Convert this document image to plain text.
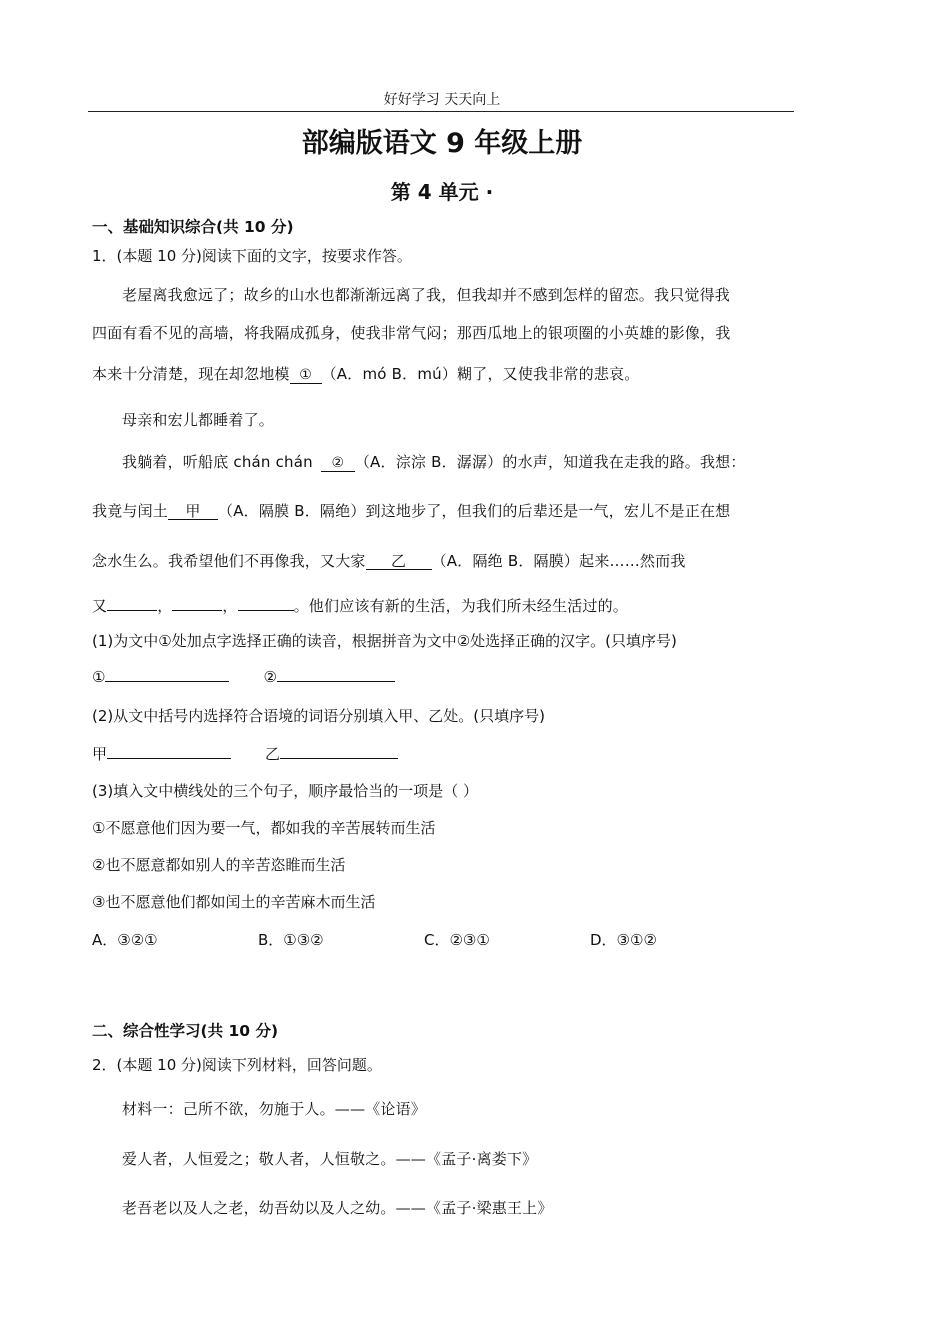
好好学习 天天向上
部编版语文 9 年级上册
第 4 单元 ·
一、基础知识综合(共 10 分)
1．(本题 10 分)阅读下面的文字，按要求作答。
老屋离我愈远了；故乡的山水也都渐渐远离了我，但我却并不感到怎样的留恋。我只觉得我
四面有看不见的高墙，将我隔成孤身，使我非常气闷；那西瓜地上的银项圈的小英雄的影像，我
本来十分清楚，现在却忽地模 ① （A．mó B．mú）糊了，又使我非常的悲哀。
母亲和宏儿都睡着了。
我躺着，听船底 chán chán ② （A．淙淙 B．潺潺）的水声，知道我在走我的路。我想：
我竟与闰土 甲 （A．隔膜 B．隔绝）到这地步了，但我们的后辈还是一气，宏儿不是正在想
念水生么。我希望他们不再像我，又大家 乙 （A．隔绝 B．隔膜）起来……然而我
又	，	，	。他们应该有新的生活，为我们所未经生活过的。
(1)为文中①处加点字选择正确的读音，根据拼音为文中②处选择正确的汉字。(只填序号)
①	②
(2)从文中括号内选择符合语境的词语分别填入甲、乙处。(只填序号)
甲	乙
(3)填入文中横线处的三个句子，顺序最恰当的一项是（ ）
①不愿意他们因为要一气，都如我的辛苦展转而生活
②也不愿意都如别人的辛苦恣睢而生活
③也不愿意他们都如闰土的辛苦麻木而生活
A．③②①	B．①③②	C．②③①	D．③①②
二、综合性学习(共 10 分)
2．(本题 10 分)阅读下列材料，回答问题。
材料一：己所不欲，勿施于人。——《论语》
爱人者，人恒爱之；敬人者，人恒敬之。——《孟子·离娄下》
老吾老以及人之老，幼吾幼以及人之幼。——《孟子·梁惠王上》
